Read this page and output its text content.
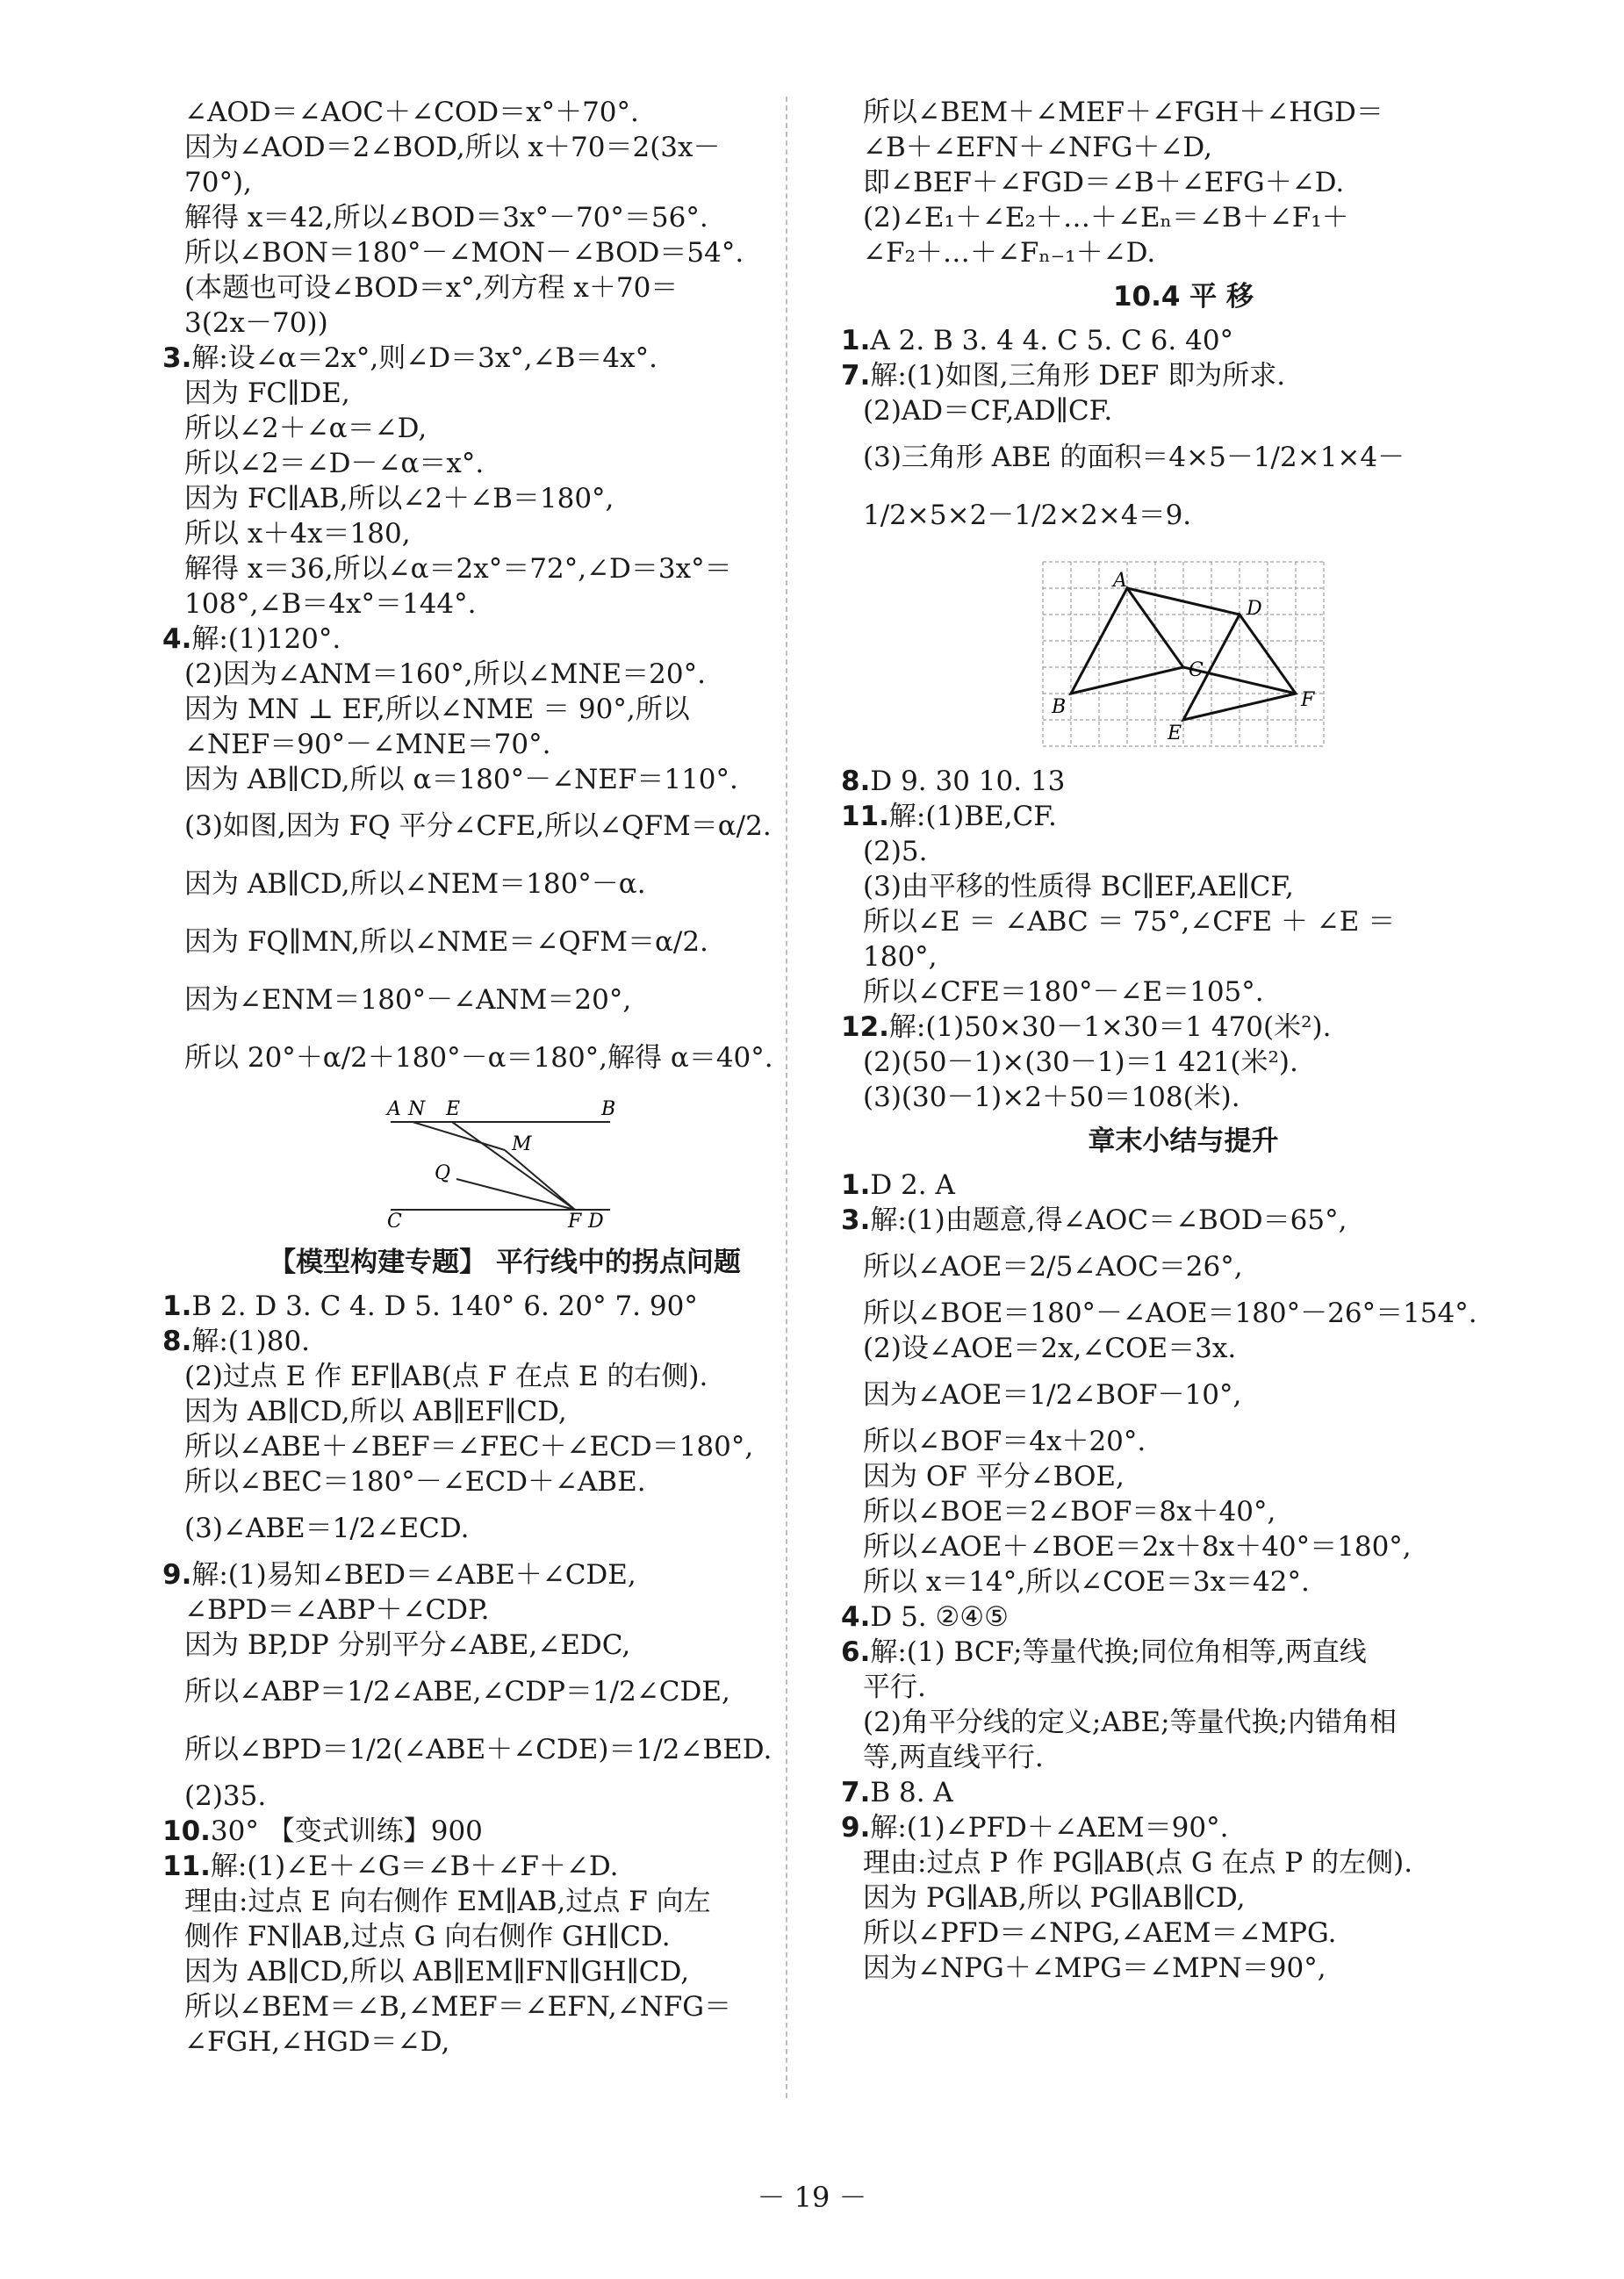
∠AOD＝∠AOC＋∠COD＝x°＋70°.
因为∠AOD＝2∠BOD,所以 x＋70＝2(3x－
70°),
解得 x＝42,所以∠BOD＝3x°－70°＝56°.
所以∠BON＝180°－∠MON－∠BOD＝54°.
(本题也可设∠BOD＝x°,列方程 x＋70＝
3(2x－70))
3.解:设∠α＝2x°,则∠D＝3x°,∠B＝4x°.
因为 FC∥DE,
所以∠2＋∠α＝∠D,
所以∠2＝∠D－∠α＝x°.
因为 FC∥AB,所以∠2＋∠B＝180°,
所以 x＋4x＝180,
解得 x＝36,所以∠α＝2x°＝72°,∠D＝3x°＝
108°,∠B＝4x°＝144°.
4.解:(1)120°.
(2)因为∠ANM＝160°,所以∠MNE＝20°.
因为 MN ⊥ EF,所以∠NME ＝ 90°,所以
∠NEF＝90°－∠MNE＝70°.
因为 AB∥CD,所以 α＝180°－∠NEF＝110°.
(3)如图,因为 FQ 平分∠CFE,所以∠QFM＝α/2.
因为 AB∥CD,所以∠NEM＝180°－α.
因为 FQ∥MN,所以∠NME＝∠QFM＝α/2.
因为∠ENM＝180°－∠ANM＝20°,
所以 20°＋α/2＋180°－α＝180°,解得 α＝40°.
A N E	B
M
Q
C	F D
【模型构建专题】 平行线中的拐点问题
1.B 2. D 3. C 4. D 5. 140° 6. 20° 7. 90°
8.解:(1)80.
(2)过点 E 作 EF∥AB(点 F 在点 E 的右侧).
因为 AB∥CD,所以 AB∥EF∥CD,
所以∠ABE＋∠BEF＝∠FEC＋∠ECD＝180°,
所以∠BEC＝180°－∠ECD＋∠ABE.
(3)∠ABE＝1/2∠ECD.
9.解:(1)易知∠BED＝∠ABE＋∠CDE,
∠BPD＝∠ABP＋∠CDP.
因为 BP,DP 分别平分∠ABE,∠EDC,
所以∠ABP＝1/2∠ABE,∠CDP＝1/2∠CDE,
所以∠BPD＝1/2(∠ABE＋∠CDE)＝1/2∠BED.
(2)35.
10.30° 【变式训练】900
11.解:(1)∠E＋∠G＝∠B＋∠F＋∠D.
理由:过点 E 向右侧作 EM∥AB,过点 F 向左
侧作 FN∥AB,过点 G 向右侧作 GH∥CD.
因为 AB∥CD,所以 AB∥EM∥FN∥GH∥CD,
所以∠BEM＝∠B,∠MEF＝∠EFN,∠NFG＝
∠FGH,∠HGD＝∠D,
所以∠BEM＋∠MEF＋∠FGH＋∠HGD＝
∠B＋∠EFN＋∠NFG＋∠D,
即∠BEF＋∠FGD＝∠B＋∠EFG＋∠D.
(2)∠E₁＋∠E₂＋…＋∠Eₙ＝∠B＋∠F₁＋
∠F₂＋…＋∠Fₙ₋₁＋∠D.
10.4 平 移
1.A 2. B 3. 4 4. C 5. C 6. 40°
7.解:(1)如图,三角形 DEF 即为所求.
(2)AD＝CF,AD∥CF.
(3)三角形 ABE 的面积＝4×5－1/2×1×4－
1/2×5×2－1/2×2×4＝9.
A
B
C
D
E
F
8.D 9. 30 10. 13
11.解:(1)BE,CF.
(2)5.
(3)由平移的性质得 BC∥EF,AE∥CF,
所以∠E ＝ ∠ABC ＝ 75°,∠CFE ＋ ∠E ＝
180°,
所以∠CFE＝180°－∠E＝105°.
12.解:(1)50×30－1×30＝1 470(米²).
(2)(50－1)×(30－1)＝1 421(米²).
(3)(30－1)×2＋50＝108(米).
章末小结与提升
1.D 2. A
3.解:(1)由题意,得∠AOC＝∠BOD＝65°,
所以∠AOE＝2/5∠AOC＝26°,
所以∠BOE＝180°－∠AOE＝180°－26°＝154°.
(2)设∠AOE＝2x,∠COE＝3x.
因为∠AOE＝1/2∠BOF－10°,
所以∠BOF＝4x＋20°.
因为 OF 平分∠BOE,
所以∠BOE＝2∠BOF＝8x＋40°,
所以∠AOE＋∠BOE＝2x＋8x＋40°＝180°,
所以 x＝14°,所以∠COE＝3x＝42°.
4.D 5. ②④⑤
6.解:(1) BCF;等量代换;同位角相等,两直线
平行.
(2)角平分线的定义;ABE;等量代换;内错角相
等,两直线平行.
7.B 8. A
9.解:(1)∠PFD＋∠AEM＝90°.
理由:过点 P 作 PG∥AB(点 G 在点 P 的左侧).
因为 PG∥AB,所以 PG∥AB∥CD,
所以∠PFD＝∠NPG,∠AEM＝∠MPG.
因为∠NPG＋∠MPG＝∠MPN＝90°,
－ 19 －
